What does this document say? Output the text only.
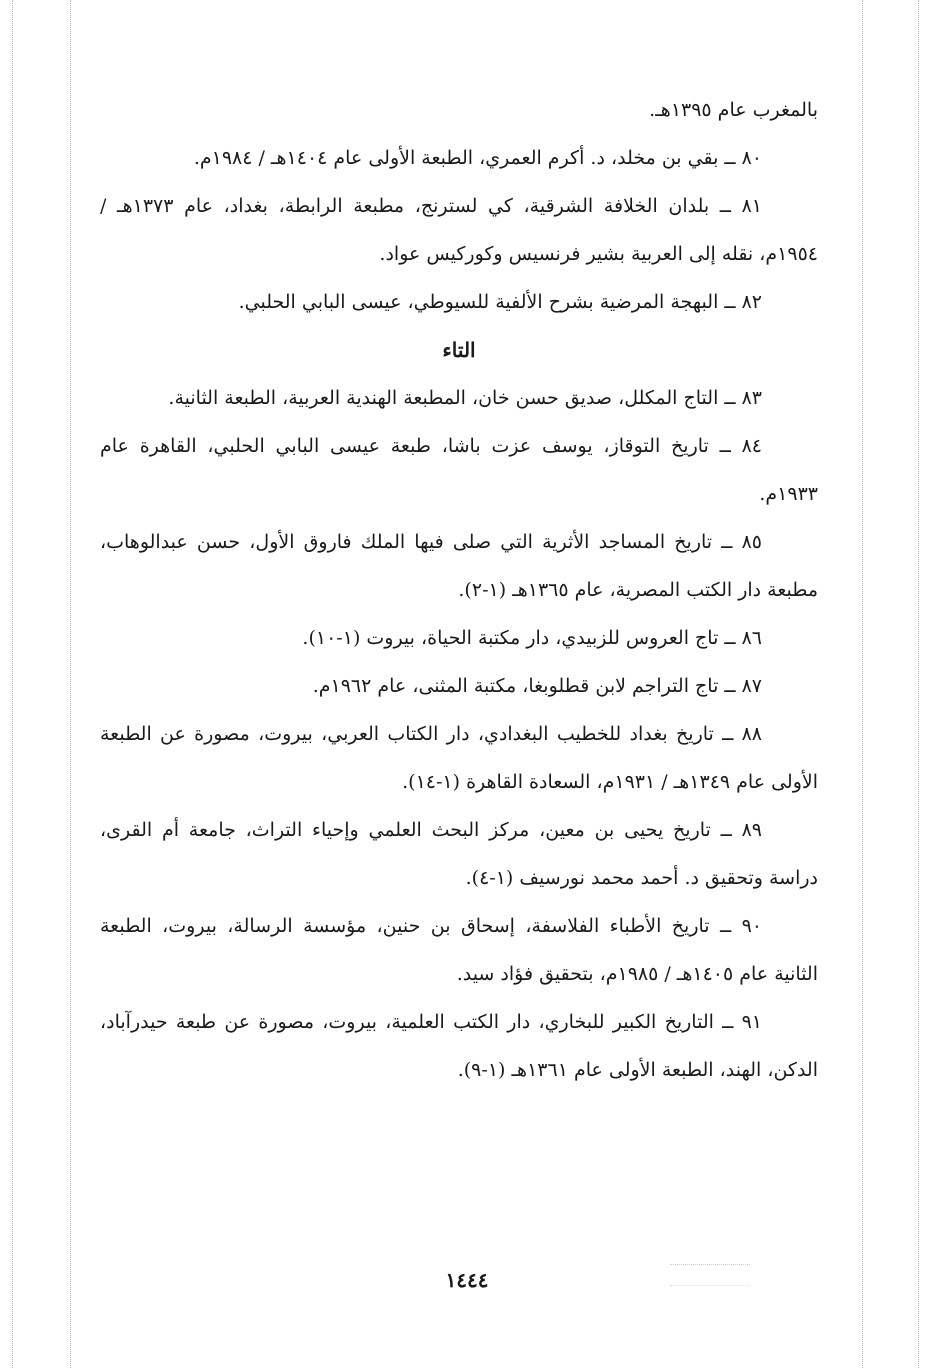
بالمغرب عام ١٣٩٥هـ.

٨٠ ــ بقي بن مخلد، د. أكرم العمري، الطبعة الأولى عام ١٤٠٤هـ / ١٩٨٤م.

٨١ ــ بلدان الخلافة الشرقية، كي لسترنج، مطبعة الرابطة، بغداد، عام ١٣٧٣هـ / ١٩٥٤م، نقله إلى العربية بشير فرنسيس وكوركيس عواد.

٨٢ ــ البهجة المرضية بشرح الألفية للسيوطي، عيسى البابي الحلبي.

التاء

٨٣ ــ التاج المكلل، صديق حسن خان، المطبعة الهندية العربية، الطبعة الثانية.

٨٤ ــ تاريخ التوقاز، يوسف عزت باشا، طبعة عيسى البابي الحلبي، القاهرة عام ١٩٣٣م.

٨٥ ــ تاريخ المساجد الأثرية التي صلى فيها الملك فاروق الأول، حسن عبدالوهاب، مطبعة دار الكتب المصرية، عام ١٣٦٥هـ (١-٢).

٨٦ ــ تاج العروس للزبيدي، دار مكتبة الحياة، بيروت (١-١٠).

٨٧ ــ تاج التراجم لابن قطلوبغا، مكتبة المثنى، عام ١٩٦٢م.

٨٨ ــ تاريخ بغداد للخطيب البغدادي، دار الكتاب العربي، بيروت، مصورة عن الطبعة الأولى عام ١٣٤٩هـ / ١٩٣١م، السعادة القاهرة (١-١٤).

٨٩ ــ تاريخ يحيى بن معين، مركز البحث العلمي وإحياء التراث، جامعة أم القرى، دراسة وتحقيق د. أحمد محمد نورسيف (١-٤).

٩٠ ــ تاريخ الأطباء الفلاسفة، إسحاق بن حنين، مؤسسة الرسالة، بيروت، الطبعة الثانية عام ١٤٠٥هـ / ١٩٨٥م، بتحقيق فؤاد سيد.

٩١ ــ التاريخ الكبير للبخاري، دار الكتب العلمية، بيروت، مصورة عن طبعة حيدرآباد، الدكن، الهند، الطبعة الأولى عام ١٣٦١هـ (١-٩).

١٤٤٤
